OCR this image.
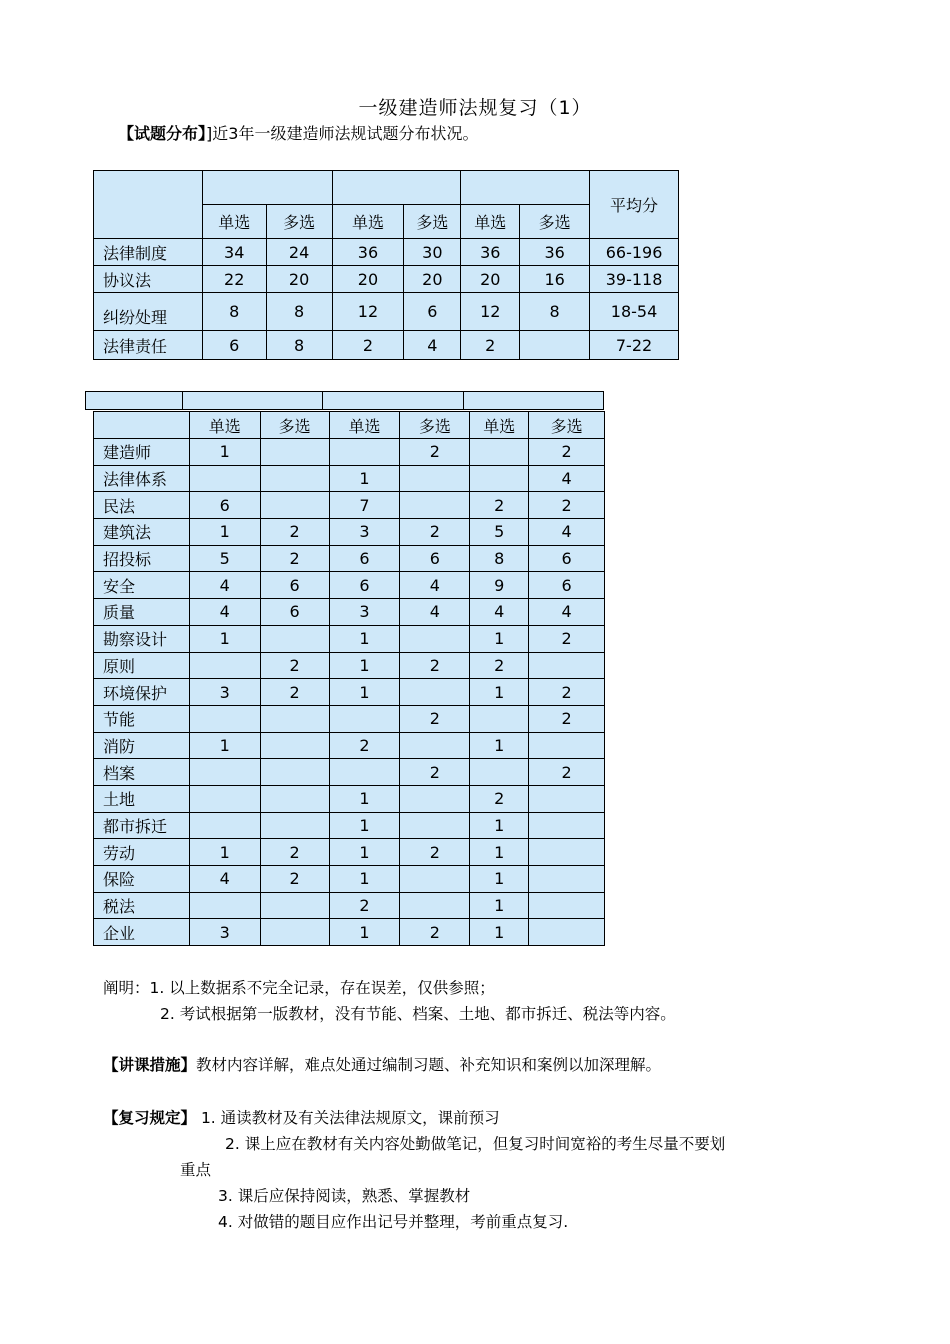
一级建造师法规复习（1）
【试题分布】]近3年一级建造师法规试题分布状况。
							平均分
	单选	多选	单选	多选	单选	多选	
法律制度	34	24	36	30	36	36	66-196
协议法	22	20	20	20	20	16	39-118
纠纷处理	8	8	12	6	12	8	18-54
法律责任	6	8	2	4	2		7-22
	单选	多选	单选	多选	单选	多选
建造师	1			2		2
法律体系			1			4
民法	6		7		2	2
建筑法	1	2	3	2	5	4
招投标	5	2	6	6	8	6
安全	4	6	6	4	9	6
质量	4	6	3	4	4	4
勘察设计	1		1		1	2
原则		2	1	2	2	
环境保护	3	2	1		1	2
节能				2		2
消防	1		2		1	
档案				2		2
土地			1		2	
都市拆迁			1		1	
劳动	1	2	1	2	1	
保险	4	2	1		1	
税法			2		1	
企业	3		1	2	1	
阐明：1. 以上数据系不完全记录，存在误差，仅供参照；
2. 考试根据第一版教材，没有节能、档案、土地、都市拆迁、税法等内容。
【讲课措施】教材内容详解，难点处通过编制习题、补充知识和案例以加深理解。
【复习规定】 1. 通读教材及有关法律法规原文，课前预习
2. 课上应在教材有关内容处勤做笔记，但复习时间宽裕的考生尽量不要划
重点
3. 课后应保持阅读，熟悉、掌握教材
4. 对做错的题目应作出记号并整理，考前重点复习.
